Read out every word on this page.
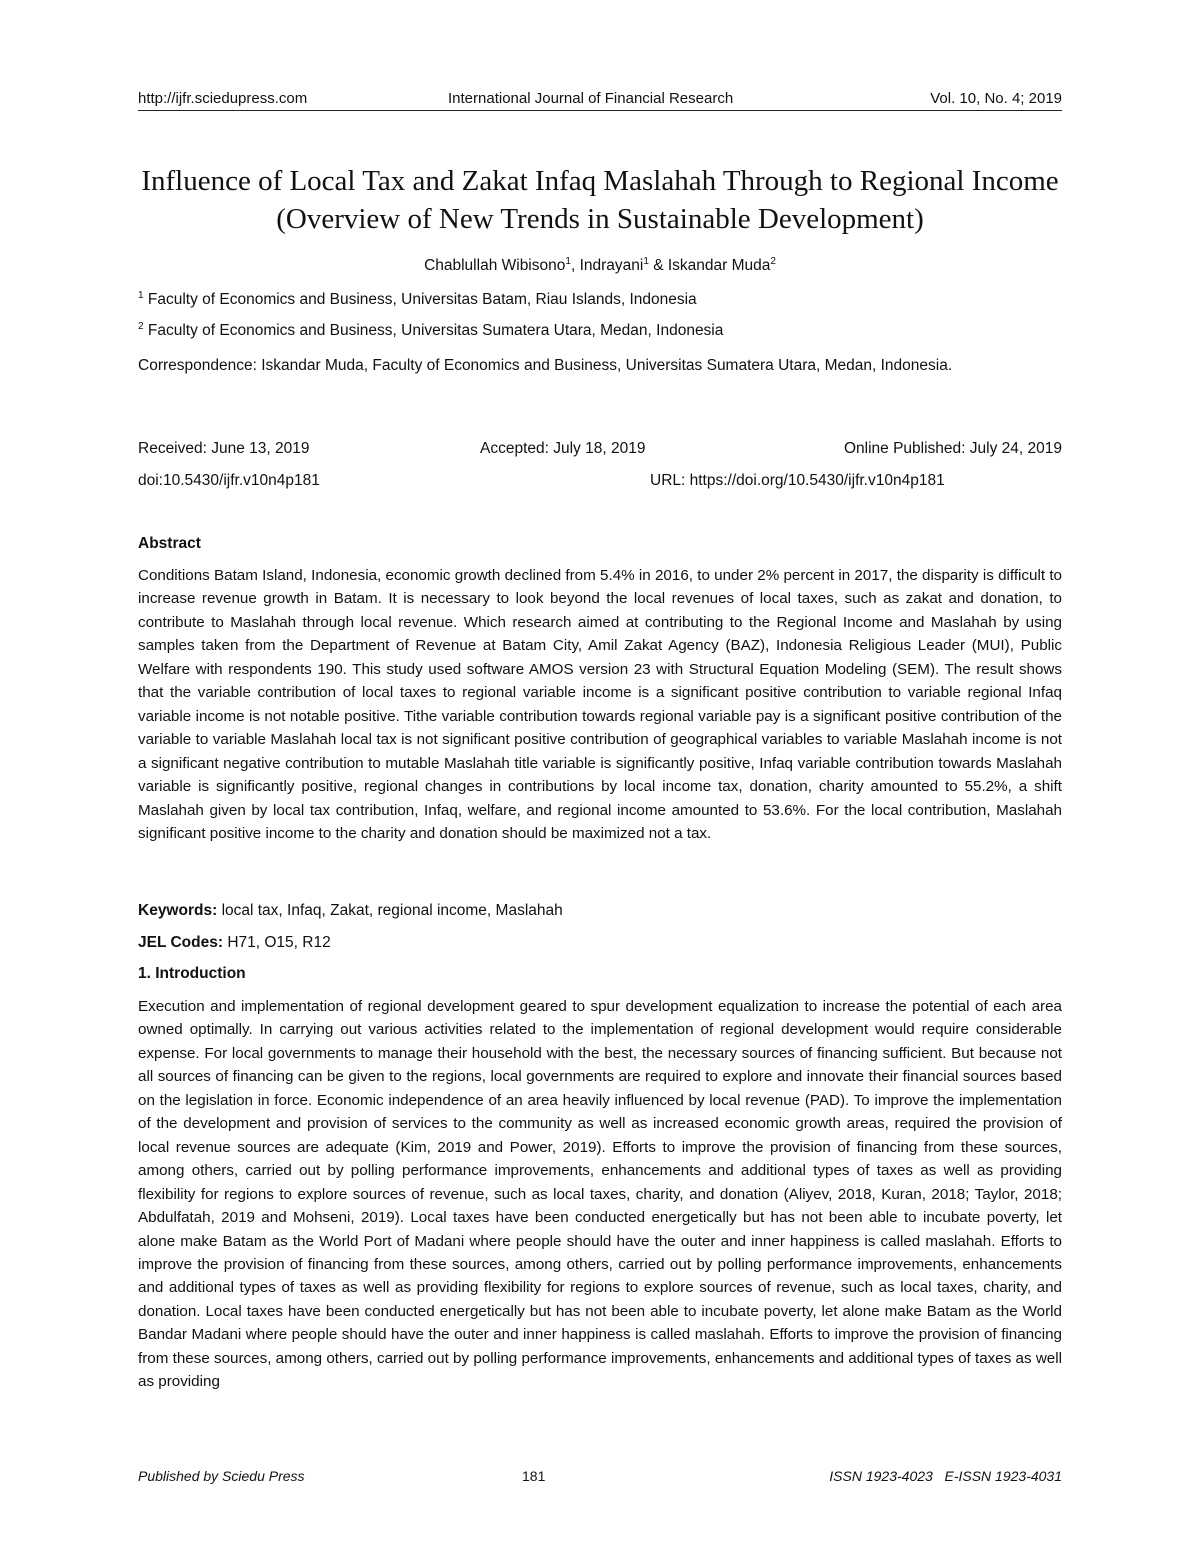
http://ijfr.sciedupress.com	International Journal of Financial Research	Vol. 10, No. 4; 2019
Influence of Local Tax and Zakat Infaq Maslahah Through to Regional Income (Overview of New Trends in Sustainable Development)
Chablullah Wibisono$^1$, Indrayani$^1$ & Iskandar Muda$^2$
$^1$ Faculty of Economics and Business, Universitas Batam, Riau Islands, Indonesia
$^2$ Faculty of Economics and Business, Universitas Sumatera Utara, Medan, Indonesia
Correspondence: Iskandar Muda, Faculty of Economics and Business, Universitas Sumatera Utara, Medan, Indonesia.
Received: June 13, 2019	Accepted: July 18, 2019	Online Published: July 24, 2019
doi:10.5430/ijfr.v10n4p181	URL: https://doi.org/10.5430/ijfr.v10n4p181
Abstract
Conditions Batam Island, Indonesia, economic growth declined from 5.4% in 2016, to under 2% percent in 2017, the disparity is difficult to increase revenue growth in Batam. It is necessary to look beyond the local revenues of local taxes, such as zakat and donation, to contribute to Maslahah through local revenue. Which research aimed at contributing to the Regional Income and Maslahah by using samples taken from the Department of Revenue at Batam City, Amil Zakat Agency (BAZ), Indonesia Religious Leader (MUI), Public Welfare with respondents 190. This study used software AMOS version 23 with Structural Equation Modeling (SEM). The result shows that the variable contribution of local taxes to regional variable income is a significant positive contribution to variable regional Infaq variable income is not notable positive. Tithe variable contribution towards regional variable pay is a significant positive contribution of the variable to variable Maslahah local tax is not significant positive contribution of geographical variables to variable Maslahah income is not a significant negative contribution to mutable Maslahah title variable is significantly positive, Infaq variable contribution towards Maslahah variable is significantly positive, regional changes in contributions by local income tax, donation, charity amounted to 55.2%, a shift Maslahah given by local tax contribution, Infaq, welfare, and regional income amounted to 53.6%. For the local contribution, Maslahah significant positive income to the charity and donation should be maximized not a tax.
Keywords: local tax, Infaq, Zakat, regional income, Maslahah
JEL Codes: H71, O15, R12
1. Introduction
Execution and implementation of regional development geared to spur development equalization to increase the potential of each area owned optimally. In carrying out various activities related to the implementation of regional development would require considerable expense. For local governments to manage their household with the best, the necessary sources of financing sufficient. But because not all sources of financing can be given to the regions, local governments are required to explore and innovate their financial sources based on the legislation in force. Economic independence of an area heavily influenced by local revenue (PAD). To improve the implementation of the development and provision of services to the community as well as increased economic growth areas, required the provision of local revenue sources are adequate (Kim, 2019 and Power, 2019). Efforts to improve the provision of financing from these sources, among others, carried out by polling performance improvements, enhancements and additional types of taxes as well as providing flexibility for regions to explore sources of revenue, such as local taxes, charity, and donation (Aliyev, 2018, Kuran, 2018; Taylor, 2018; Abdulfatah, 2019 and Mohseni, 2019). Local taxes have been conducted energetically but has not been able to incubate poverty, let alone make Batam as the World Port of Madani where people should have the outer and inner happiness is called maslahah. Efforts to improve the provision of financing from these sources, among others, carried out by polling performance improvements, enhancements and additional types of taxes as well as providing flexibility for regions to explore sources of revenue, such as local taxes, charity, and donation. Local taxes have been conducted energetically but has not been able to incubate poverty, let alone make Batam as the World Bandar Madani where people should have the outer and inner happiness is called maslahah. Efforts to improve the provision of financing from these sources, among others, carried out by polling performance improvements, enhancements and additional types of taxes as well as providing
Published by Sciedu Press	181	ISSN 1923-4023   E-ISSN 1923-4031
